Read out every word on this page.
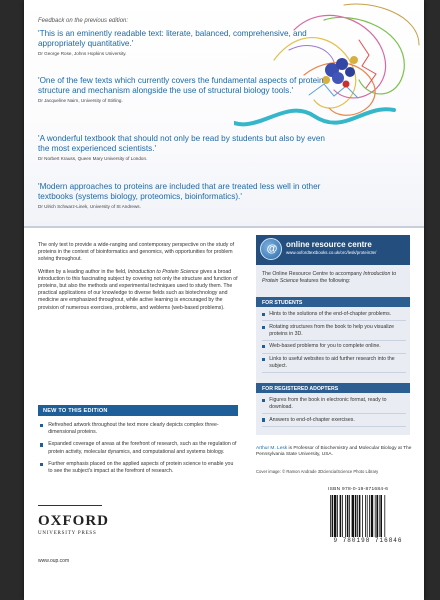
Feedback on the previous edition:
'This is an eminently readable text: literate, balanced, comprehensive, and appropriately quantitative.'
Dr George Rose, Johns Hopkins University.
'One of the few texts which currently covers the fundamental aspects of protein structure and mechanism alongside the use of structural biology tools.'
Dr Jacqueline Nairn, University of Stirling.
'A wonderful textbook that should not only be read by students but also by even the most experienced scientists.'
Dr Norbert Krauss, Queen Mary University of London.
'Modern approaches to proteins are included that are treated less well in other textbooks (systems biology, proteomics, bioinformatics).'
Dr Ulrich Schwarz-Linek, University of St Andrews.
The only text to provide a wide-ranging and contemporary perspective on the study of proteins in the context of bioinformatics and genomics, with opportunities for problem solving throughout.
Written by a leading author in the field, Introduction to Protein Science gives a broad introduction to this fascinating subject by covering not only the structure and function of proteins, but also the methods and experimental techniques used to study them. The practical applications of our knowledge to diverse fields such as biotechnology and medicine are emphasized throughout, while active learning is encouraged by the provision of numerous exercises, problems, and weblems (web-based problems).
NEW TO THIS EDITION
Refreshed artwork throughout the text more clearly depicts complex three-dimensional proteins.
Expanded coverage of areas at the forefront of research, such as the regulation of protein activity, molecular dynamics, and computational and systems biology.
Further emphasis placed on the applied aspects of protein science to enable you to see the subject's impact at the forefront of research.
@	online resource centre
www.oxfordtextbooks.co.uk/orc/lesk/protein3e/
The Online Resource Centre to accompany Introduction to Protein Science features the following:
FOR STUDENTS
Hints to the solutions of the end-of-chapter problems.
Rotating structures from the book to help you visualize proteins in 3D.
Web-based problems for you to complete online.
Links to useful websites to aid further research into the subject.
FOR REGISTERED ADOPTERS
Figures from the book in electronic format, ready to download.
Answers to end-of-chapter exercises.
Arthur M. Lesk is Professor of Biochemistry and Molecular Biology at The Pennsylvania State University, USA.
Cover image: © Ramon Andrade 3Dciencia/Science Photo Library
OXFORD
UNIVERSITY PRESS
www.oup.com
ISBN 978-0-19-871684-6
9 780198 716846
